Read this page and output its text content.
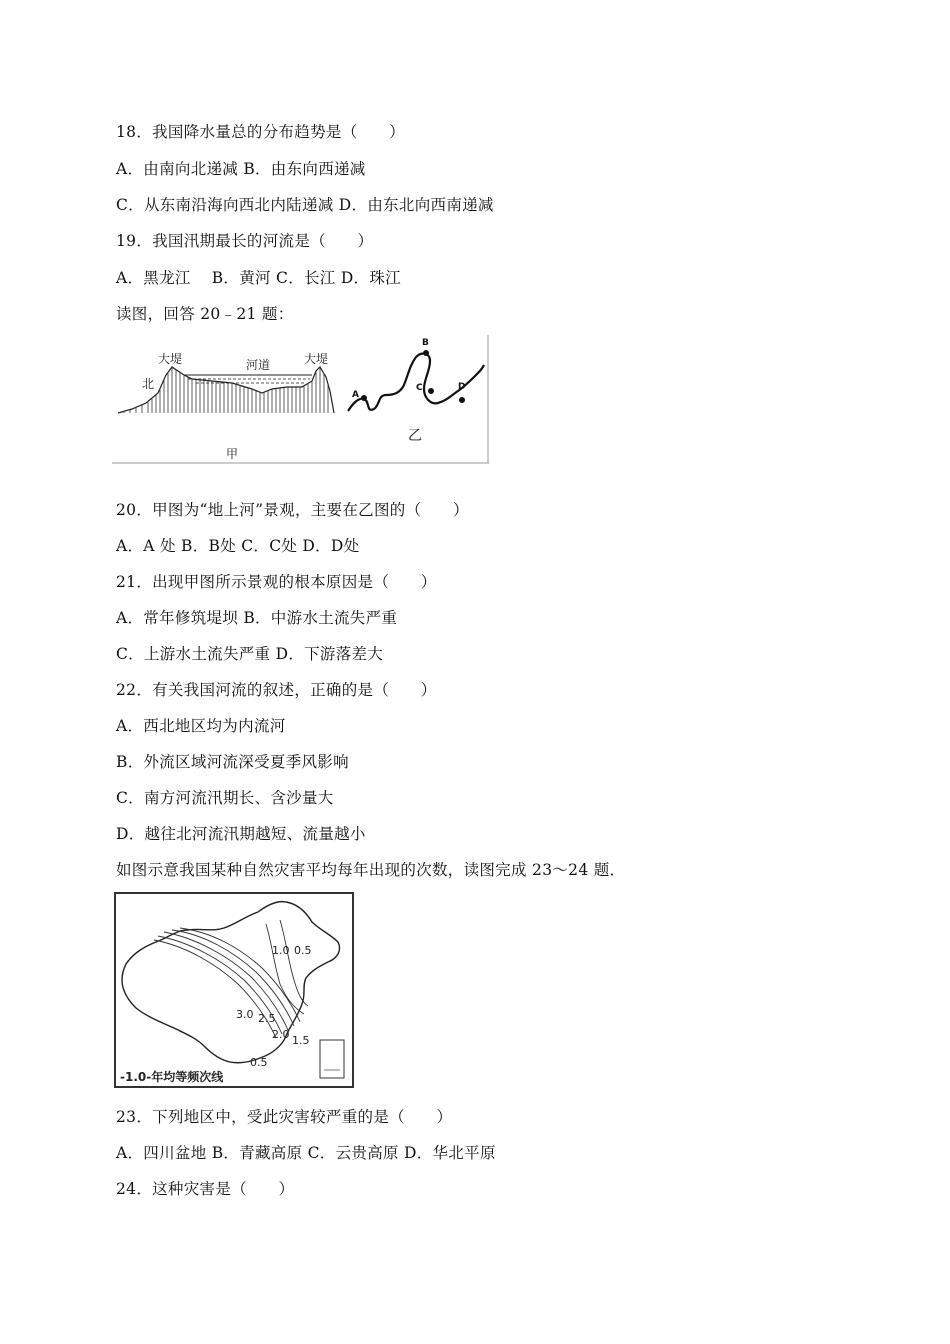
18．我国降水量总的分布趋势是（　　）
A．由南向北递减 B．由东向西递减
C．从东南沿海向西北内陆递减 D．由东北向西南递减
19．我国汛期最长的河流是（　　）
A．黑龙江　 B．黄河 C．长江 D．珠江
读图，回答 20﹣21 题：
大堤	河道	大堤
北
甲
乙
A
B
C	D
20．甲图为“地上河”景观，主要在乙图的（　　）
A．A 处 B．B处 C．C处 D．D处
21．出现甲图所示景观的根本原因是（　　）
A．常年修筑堤坝 B．中游水土流失严重
C．上游水土流失严重 D．下游落差大
22．有关我国河流的叙述，正确的是（　　）
A．西北地区均为内流河
B．外流区域河流深受夏季风影响
C．南方河流汛期长、含沙量大
D．越往北河流汛期越短、流量越小
如图示意我国某种自然灾害平均每年出现的次数，读图完成 23～24 题．
1.0 0.5
3.0 2.5
2.0 1.5
0.5
-1.0-年均等频次线
23．下列地区中，受此灾害较严重的是（　　）
A．四川盆地 B．青藏高原 C．云贵高原 D．华北平原
24．这种灾害是（　　）
